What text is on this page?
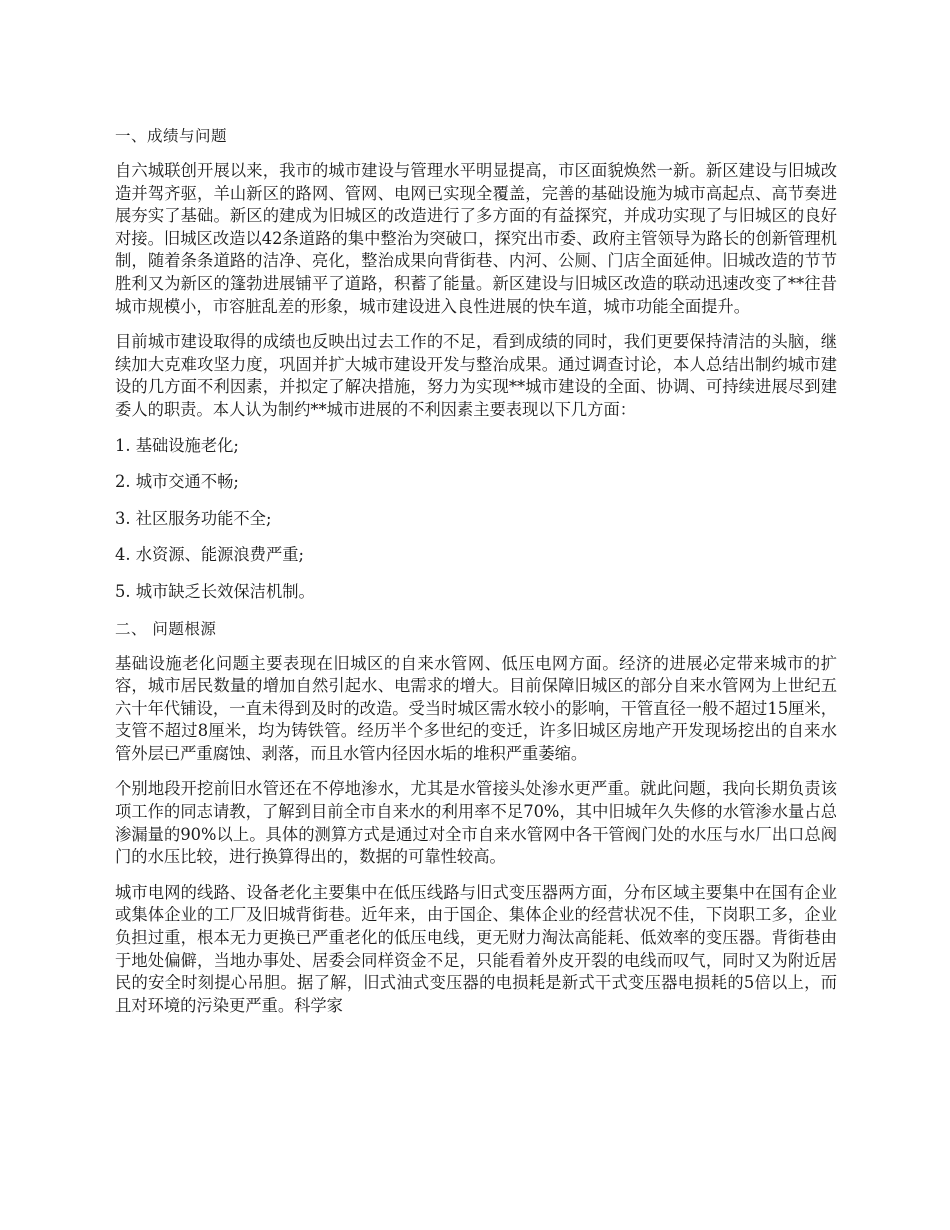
一、成绩与问题

自六城联创开展以来，我市的城市建设与管理水平明显提高，市区面貌焕然一新。新区建设与旧城改造并驾齐驱，羊山新区的路网、管网、电网已实现全覆盖，完善的基础设施为城市高起点、高节奏进展夯实了基础。新区的建成为旧城区的改造进行了多方面的有益探究，并成功实现了与旧城区的良好对接。旧城区改造以42条道路的集中整治为突破口，探究出市委、政府主管领导为路长的创新管理机制，随着条条道路的洁净、亮化，整治成果向背街巷、内河、公厕、门店全面延伸。旧城改造的节节胜利又为新区的篷勃进展铺平了道路，积蓄了能量。新区建设与旧城区改造的联动迅速改变了**往昔城市规模小，市容脏乱差的形象，城市建设进入良性进展的快车道，城市功能全面提升。

目前城市建设取得的成绩也反映出过去工作的不足，看到成绩的同时，我们更要保持清洁的头脑，继续加大克难攻坚力度，巩固并扩大城市建设开发与整治成果。通过调查讨论，本人总结出制约城市建设的几方面不利因素，并拟定了解决措施，努力为实现**城市建设的全面、协调、可持续进展尽到建委人的职责。本人认为制约**城市进展的不利因素主要表现以下几方面：

1. 基础设施老化;
2. 城市交通不畅;
3. 社区服务功能不全;
4. 水资源、能源浪费严重;
5. 城市缺乏长效保洁机制。
二、 问题根源

基础设施老化问题主要表现在旧城区的自来水管网、低压电网方面。经济的进展必定带来城市的扩容，城市居民数量的增加自然引起水、电需求的增大。目前保障旧城区的部分自来水管网为上世纪五六十年代铺设，一直未得到及时的改造。受当时城区需水较小的影响，干管直径一般不超过15厘米，支管不超过8厘米，均为铸铁管。经历半个多世纪的变迁，许多旧城区房地产开发现场挖出的自来水管外层已严重腐蚀、剥落，而且水管内径因水垢的堆积严重萎缩。

个别地段开挖前旧水管还在不停地渗水，尤其是水管接头处渗水更严重。就此问题，我向长期负责该项工作的同志请教，了解到目前全市自来水的利用率不足70%，其中旧城年久失修的水管渗水量占总渗漏量的90%以上。具体的测算方式是通过对全市自来水管网中各干管阀门处的水压与水厂出口总阀门的水压比较，进行换算得出的，数据的可靠性较高。

城市电网的线路、设备老化主要集中在低压线路与旧式变压器两方面，分布区域主要集中在国有企业或集体企业的工厂及旧城背街巷。近年来，由于国企、集体企业的经营状况不佳，下岗职工多，企业负担过重，根本无力更换已严重老化的低压电线，更无财力淘汰高能耗、低效率的变压器。背街巷由于地处偏僻，当地办事处、居委会同样资金不足，只能看着外皮开裂的电线而叹气，同时又为附近居民的安全时刻提心吊胆。据了解，旧式油式变压器的电损耗是新式干式变压器电损耗的5倍以上，而且对环境的污染更严重。科学家
